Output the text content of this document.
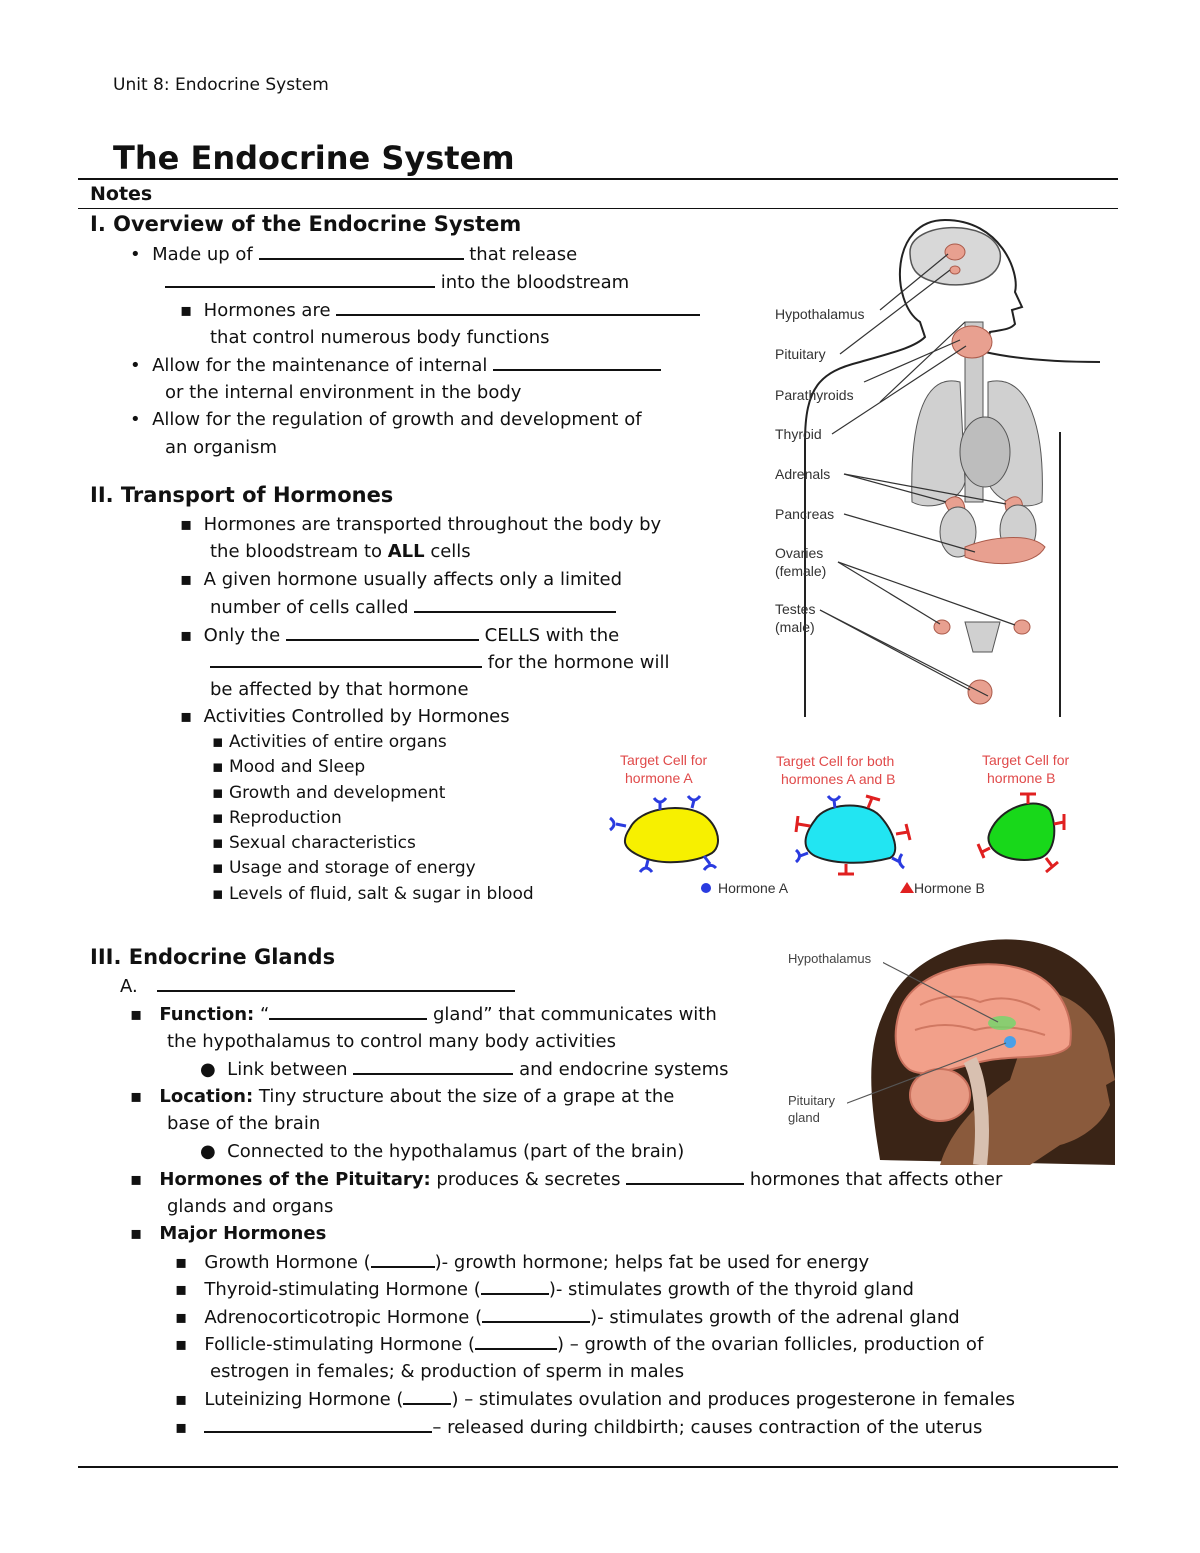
Unit 8: Endocrine System
The Endocrine System
Notes
I. Overview of the Endocrine System
• Made up of	that release
into the bloodstream
▪ Hormones are
that control numerous body functions
• Allow for the maintenance of internal
or the internal environment in the body
• Allow for the regulation of growth and development of
an organism
II. Transport of Hormones
▪ Hormones are transported throughout the body by
the bloodstream to ALL cells
▪ A given hormone usually affects only a limited
number of cells called
▪ Only the	CELLS with the
for the hormone will
be affected by that hormone
▪ Activities Controlled by Hormones
▪ Activities of entire organs
▪ Mood and Sleep
▪ Growth and development
▪ Reproduction
▪ Sexual characteristics
▪ Usage and storage of energy
▪ Levels of fluid, salt & sugar in blood
Hypothalamus
Pituitary
Parathyroids
Thyroid
Adrenals
Pancreas
Ovaries
(female)
Testes
(male)
Target Cell for
hormone A
Target Cell for both
hormones A and B
Target Cell for
hormone B
Hormone A	Hormone B
III. Endocrine Glands
A.
▪ Function: “	gland” that communicates with
the hypothalamus to control many body activities
● Link between	and endocrine systems
▪ Location: Tiny structure about the size of a grape at the
base of the brain
● Connected to the hypothalamus (part of the brain)
▪ Hormones of the Pituitary: produces & secretes	hormones that affects other
glands and organs
▪ Major Hormones
▪ Growth Hormone (	)- growth hormone; helps fat be used for energy
▪ Thyroid-stimulating Hormone (	)- stimulates growth of the thyroid gland
▪ Adrenocorticotropic Hormone (	)- stimulates growth of the adrenal gland
▪ Follicle-stimulating Hormone (	) – growth of the ovarian follicles, production of
estrogen in females; & production of sperm in males
▪ Luteinizing Hormone (	) – stimulates ovulation and produces progesterone in females
▪	– released during childbirth; causes contraction of the uterus
Hypothalamus
Pituitary
gland
